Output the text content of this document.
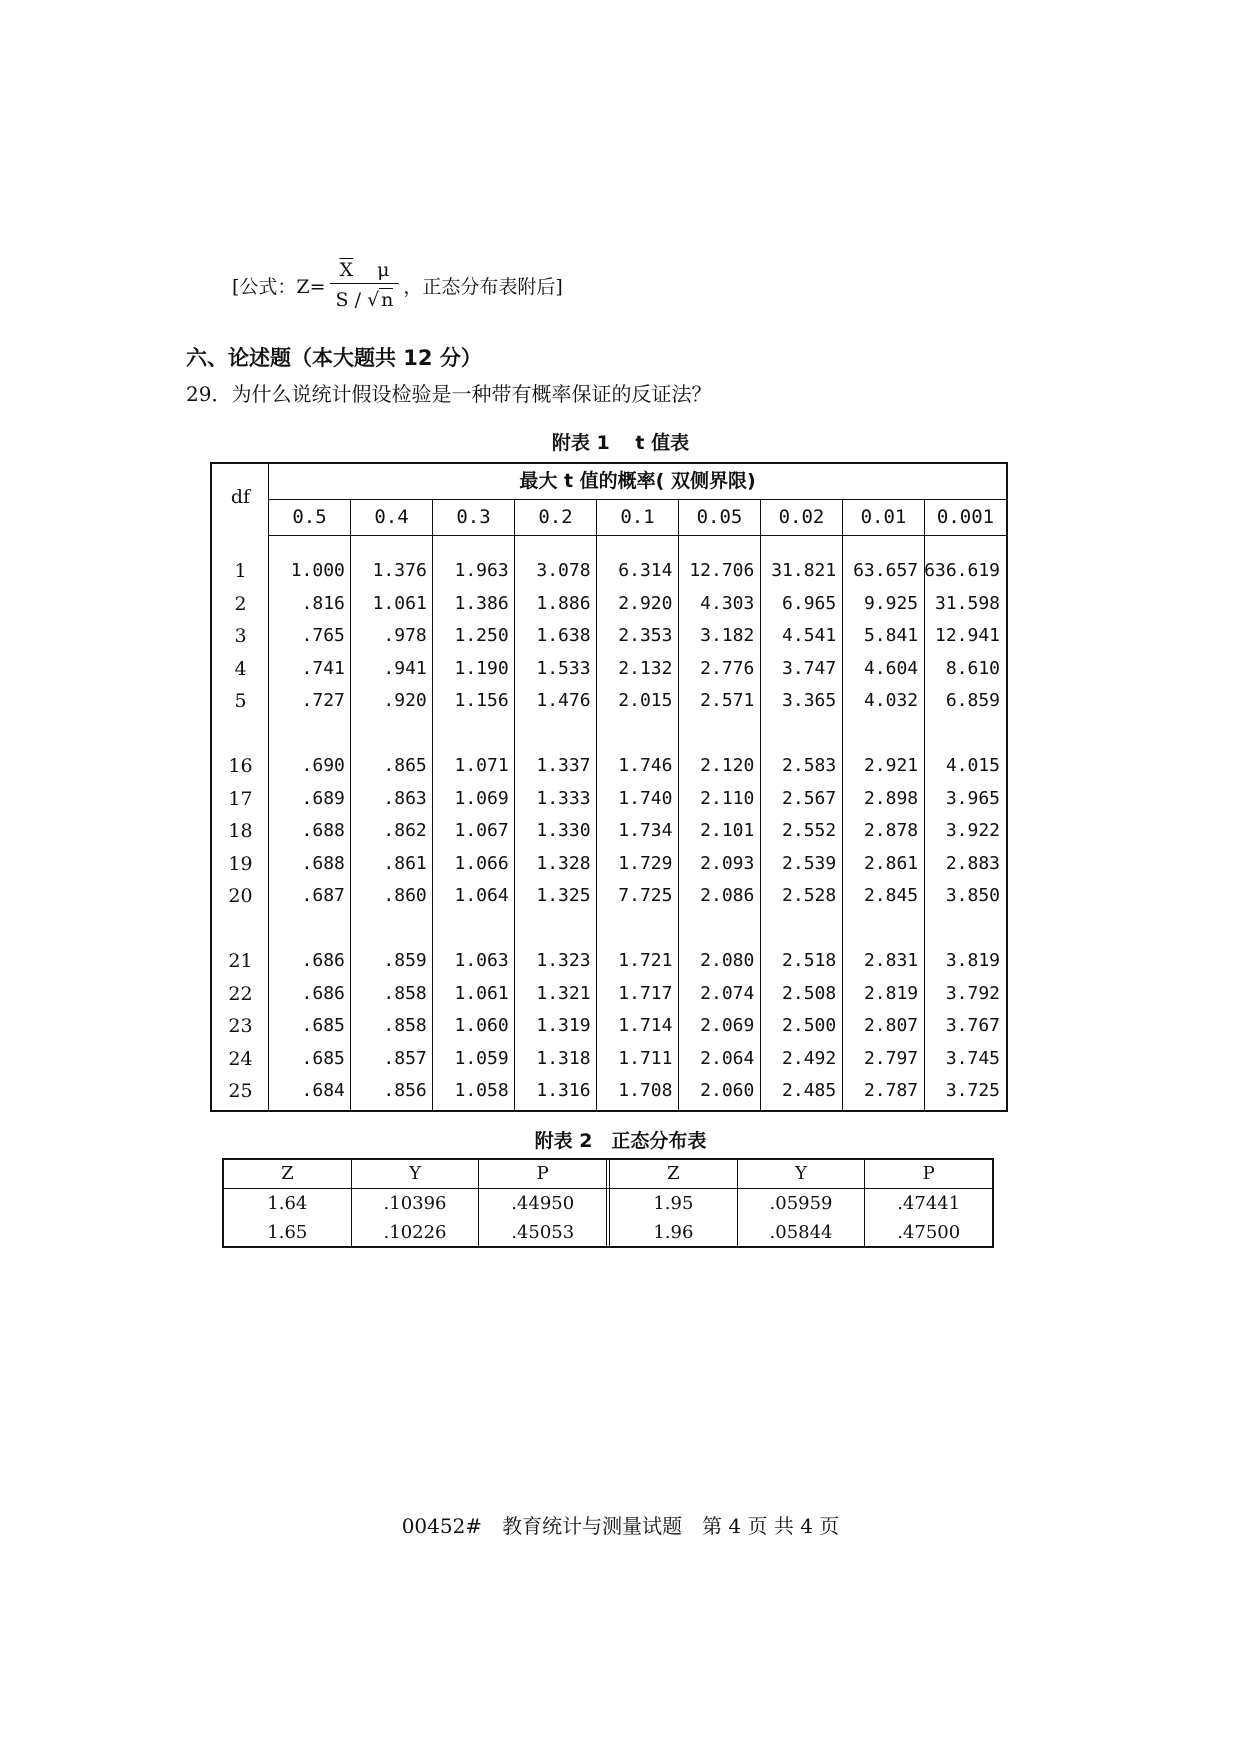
[公式：$Z= \frac{\overline{X} \mu}{S / √ n}$ ，正态分布表附后]
六、论述题（本大题共 12 分）
29．为什么说统计假设检验是一种带有概率保证的反证法？
附表 1　 t 值表
df
最大 t 值的概率( 双侧界限)
0.5	0.4	0.3	0.2	0.1	0.05	0.02	0.01	0.001
1	1.000	1.376	1.963	3.078	6.314 12.706 31.821 63.657 636.619
2	.816	1.061	1.386	1.886	2.920	4.303	6.965	9.925 31.598
3	.765	.978	1.250	1.638	2.353	3.182	4.541	5.841 12.941
4	.741	.941	1.190	1.533	2.132	2.776	3.747	4.604	8.610
5	.727	.920	1.156	1.476	2.015	2.571	3.365	4.032	6.859
16	.690	.865	1.071	1.337	1.746	2.120	2.583	2.921	4.015
17	.689	.863	1.069	1.333	1.740	2.110	2.567	2.898	3.965
18	.688	.862	1.067	1.330	1.734	2.101	2.552	2.878	3.922
19	.688	.861	1.066	1.328	1.729	2.093	2.539	2.861	2.883
20	.687	.860	1.064	1.325	7.725	2.086	2.528	2.845	3.850
21	.686	.859	1.063	1.323	1.721	2.080	2.518	2.831	3.819
22	.686	.858	1.061	1.321	1.717	2.074	2.508	2.819	3.792
23	.685	.858	1.060	1.319	1.714	2.069	2.500	2.807	3.767
24	.685	.857	1.059	1.318	1.711	2.064	2.492	2.797	3.745
25	.684	.856	1.058	1.316	1.708	2.060	2.485	2.787	3.725
附表 2　正态分布表
Z	Y	P	Z	Y	P
1.64	.10396	.44950	1.95	.05959	.47441
1.65	.10226	.45053	1.96	.05844	.47500
00452#　教育统计与测量试题　第 4 页 共 4 页
